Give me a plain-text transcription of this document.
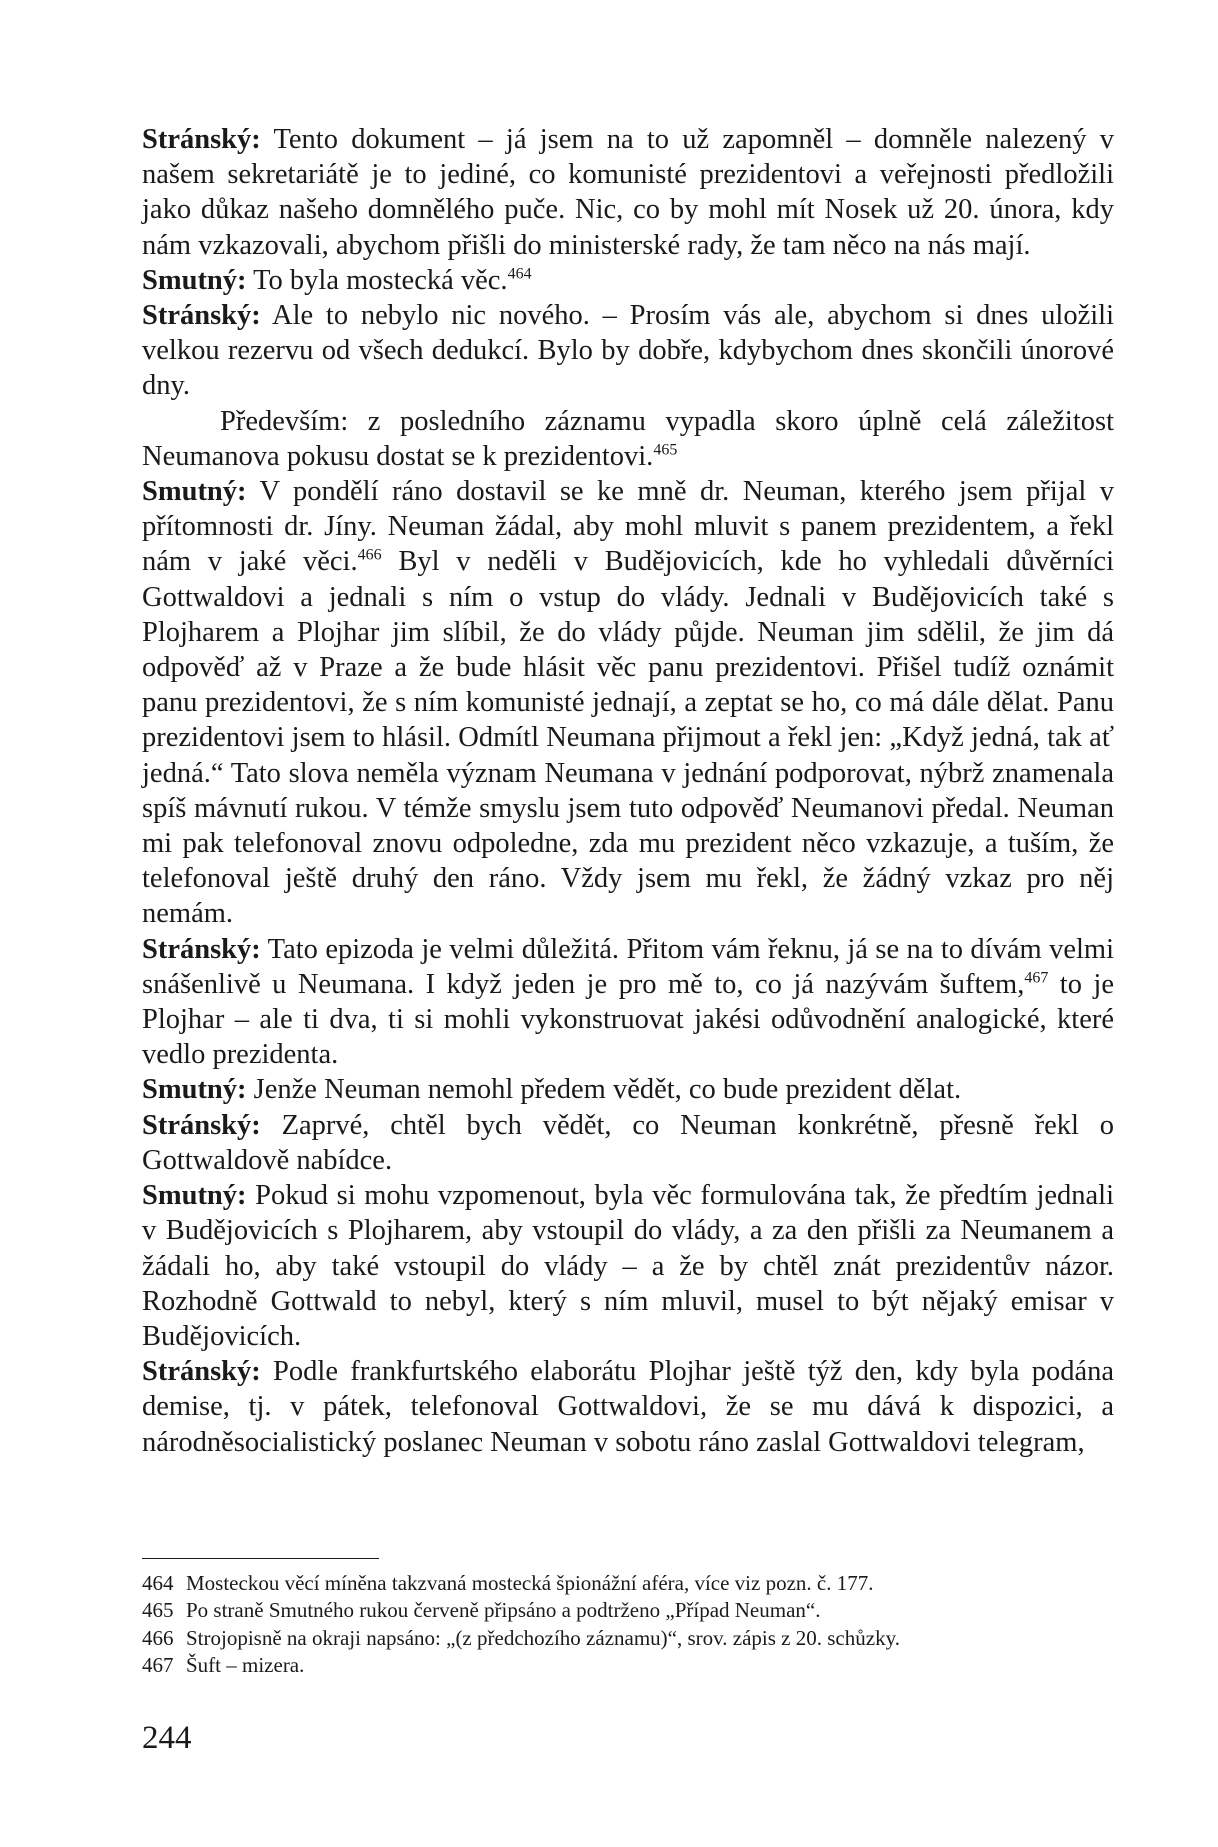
Stránský: Tento dokument – já jsem na to už zapomněl – domněle nalezený v našem sekretariátě je to jediné, co komunisté prezidentovi a veřejnosti předložili jako důkaz našeho domnělého puče. Nic, co by mohl mít Nosek už 20. února, kdy nám vzkazovali, abychom přišli do ministerské rady, že tam něco na nás mají.

Smutný: To byla mostecká věc.$^{464}$

Stránský: Ale to nebylo nic nového. – Prosím vás ale, abychom si dnes uložili velkou rezervu od všech dedukcí. Bylo by dobře, kdybychom dnes skončili únorové dny.

Především: z posledního záznamu vypadla skoro úplně celá záležitost Neumanova pokusu dostat se k prezidentovi.$^{465}$

Smutný: V pondělí ráno dostavil se ke mně dr. Neuman, kterého jsem přijal v přítomnosti dr. Jíny. Neuman žádal, aby mohl mluvit s panem prezidentem, a řekl nám v jaké věci.$^{466}$ Byl v neděli v Budějovicích, kde ho vyhledali důvěrníci Gottwaldovi a jednali s ním o vstup do vlády. Jednali v Budějovicích také s Plojharem a Plojhar jim slíbil, že do vlády půjde. Neuman jim sdělil, že jim dá odpověď až v Praze a že bude hlásit věc panu prezidentovi. Přišel tudíž oznámit panu prezidentovi, že s ním komunisté jednají, a zeptat se ho, co má dále dělat. Panu prezidentovi jsem to hlásil. Odmítl Neumana přijmout a řekl jen: „Když jedná, tak ať jedná.“ Tato slova neměla význam Neumana v jednání podporovat, nýbrž znamenala spíš mávnutí rukou. V témže smyslu jsem tuto odpověď Neumanovi předal. Neuman mi pak telefonoval znovu odpoledne, zda mu prezident něco vzkazuje, a tuším, že telefonoval ještě druhý den ráno. Vždy jsem mu řekl, že žádný vzkaz pro něj nemám.

Stránský: Tato epizoda je velmi důležitá. Přitom vám řeknu, já se na to dívám velmi snášenlivě u Neumana. I když jeden je pro mě to, co já nazývám šuftem,$^{467}$ to je Plojhar – ale ti dva, ti si mohli vykonstruovat jakési odůvodnění analogické, které vedlo prezidenta.

Smutný: Jenže Neuman nemohl předem vědět, co bude prezident dělat.

Stránský: Zaprvé, chtěl bych vědět, co Neuman konkrétně, přesně řekl o Gottwaldově nabídce.

Smutný: Pokud si mohu vzpomenout, byla věc formulována tak, že předtím jednali v Budějovicích s Plojharem, aby vstoupil do vlády, a za den přišli za Neumanem a žádali ho, aby také vstoupil do vlády – a že by chtěl znát prezidentův názor. Rozhodně Gottwald to nebyl, který s ním mluvil, musel to být nějaký emisar v Budějovicích.

Stránský: Podle frankfurtského elaborátu Plojhar ještě týž den, kdy byla podána demise, tj. v pátek, telefonoval Gottwaldovi, že se mu dává k dispozici, a národněsocialistický poslanec Neuman v sobotu ráno zaslal Gottwaldovi telegram,

464 Mosteckou věcí míněna takzvaná mostecká špionážní aféra, více viz pozn. č. 177.

465 Po straně Smutného rukou červeně připsáno a podtrženo „Případ Neuman“.

466 Strojopisně na okraji napsáno: „(z předchozího záznamu)“, srov. zápis z 20. schůzky.

467 Šuft – mizera.

244
